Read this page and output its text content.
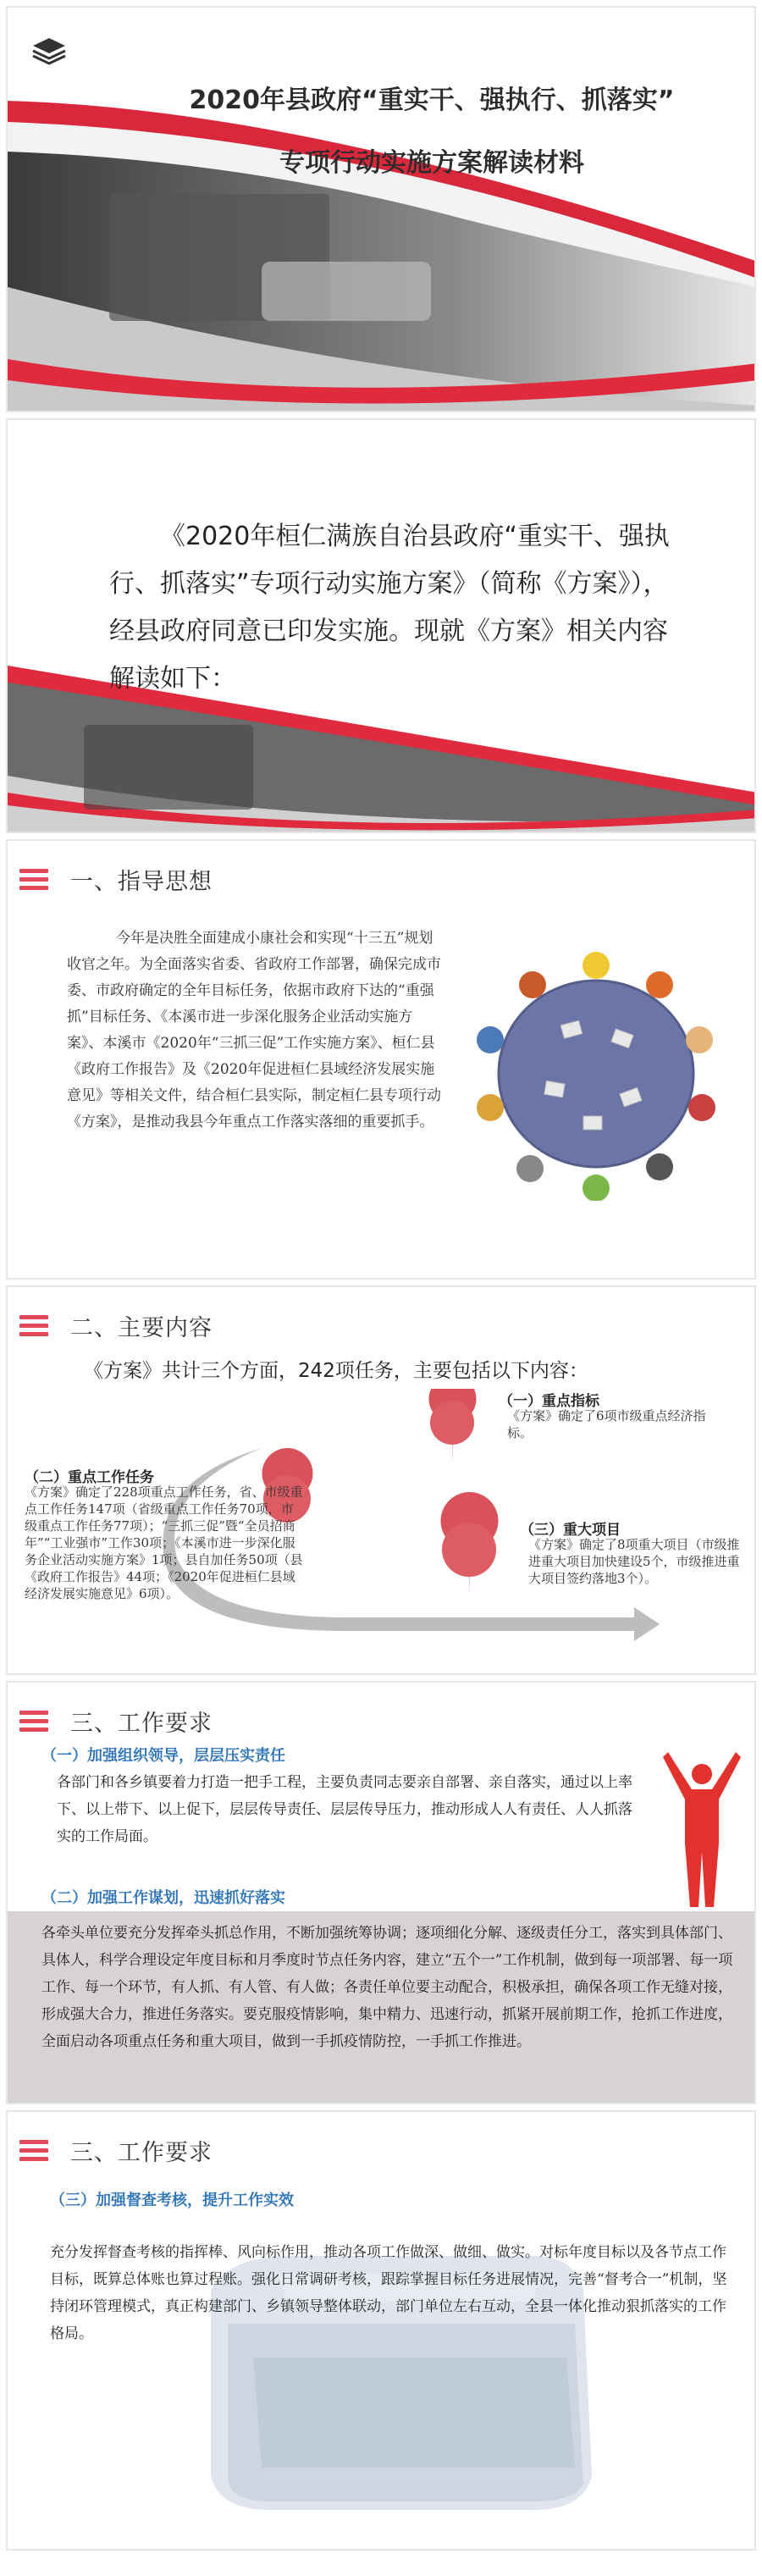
2020年县政府“重实干、强执行、抓落实”
专项行动实施方案解读材料
《2020年桓仁满族自治县政府“重实干、强执行、抓落实”专项行动实施方案》（简称《方案》），经县政府同意已印发实施。现就《方案》相关内容解读如下：
一、指导思想
今年是决胜全面建成小康社会和实现“十三五”规划收官之年。为全面落实省委、省政府工作部署，确保完成市委、市政府确定的全年目标任务，依据市政府下达的“重强抓”目标任务、《本溪市进一步深化服务企业活动实施方案》、本溪市《2020年“三抓三促”工作实施方案》、桓仁县《政府工作报告》及《2020年促进桓仁县域经济发展实施意见》等相关文件，结合桓仁县实际，制定桓仁县专项行动《方案》，是推动我县今年重点工作落实落细的重要抓手。
二、主要内容
《方案》共计三个方面，242项任务，主要包括以下内容：
（一）重点指标
《方案》确定了6项市级重点经济指标。
（二）重点工作任务
《方案》确定了228项重点工作任务，省、市级重点工作任务147项（省级重点工作任务70项，市级重点工作任务77项）；“三抓三促”暨“全员招商年”“工业强市”工作30项；《本溪市进一步深化服务企业活动实施方案》1项；县自加任务50项（县《政府工作报告》44项；《2020年促进桓仁县域经济发展实施意见》6项）。
（三）重大项目
《方案》确定了8项重大项目（市级推进重大项目加快建设5个，市级推进重大项目签约落地3个）。
三、工作要求
（一）加强组织领导，层层压实责任
各部门和各乡镇要着力打造一把手工程，主要负责同志要亲自部署、亲自落实，通过以上率下、以上带下、以上促下，层层传导责任、层层传导压力，推动形成人人有责任、人人抓落实的工作局面。
（二）加强工作谋划，迅速抓好落实
各牵头单位要充分发挥牵头抓总作用，不断加强统筹协调；逐项细化分解、逐级责任分工，落实到具体部门、具体人，科学合理设定年度目标和月季度时节点任务内容，建立“五个一”工作机制，做到每一项部署、每一项工作、每一个环节，有人抓、有人管、有人做；各责任单位要主动配合，积极承担，确保各项工作无缝对接，形成强大合力，推进任务落实。要克服疫情影响，集中精力、迅速行动，抓紧开展前期工作，抢抓工作进度，全面启动各项重点任务和重大项目，做到一手抓疫情防控，一手抓工作推进。
三、工作要求
（三）加强督查考核，提升工作实效
充分发挥督查考核的指挥棒、风向标作用，推动各项工作做深、做细、做实。对标年度目标以及各节点工作目标，既算总体账也算过程账。强化日常调研考核，跟踪掌握目标任务进展情况，完善“督考合一”机制，坚持闭环管理模式，真正构建部门、乡镇领导整体联动，部门单位左右互动，全县一体化推动狠抓落实的工作格局。
